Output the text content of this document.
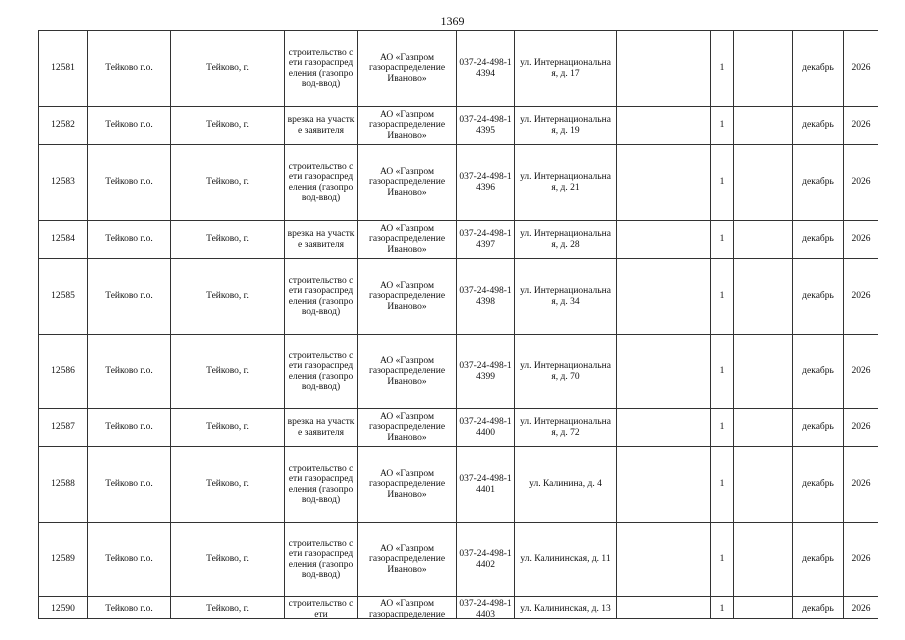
1369
12581	Тейково г.о.	Тейково, г.	строительство сети газораспределения (газопровод-ввод)	АО «Газпром газораспределение Иваново»	037-24-498-14394	ул. Интернациональная, д. 17		1		декабрь	2026
12582	Тейково г.о.	Тейково, г.	врезка на участке заявителя	АО «Газпром газораспределение Иваново»	037-24-498-14395	ул. Интернациональная, д. 19		1		декабрь	2026
12583	Тейково г.о.	Тейково, г.	строительство сети газораспределения (газопровод-ввод)	АО «Газпром газораспределение Иваново»	037-24-498-14396	ул. Интернациональная, д. 21		1		декабрь	2026
12584	Тейково г.о.	Тейково, г.	врезка на участке заявителя	АО «Газпром газораспределение Иваново»	037-24-498-14397	ул. Интернациональная, д. 28		1		декабрь	2026
12585	Тейково г.о.	Тейково, г.	строительство сети газораспределения (газопровод-ввод)	АО «Газпром газораспределение Иваново»	037-24-498-14398	ул. Интернациональная, д. 34		1		декабрь	2026
12586	Тейково г.о.	Тейково, г.	строительство сети газораспределения (газопровод-ввод)	АО «Газпром газораспределение Иваново»	037-24-498-14399	ул. Интернациональная, д. 70		1		декабрь	2026
12587	Тейково г.о.	Тейково, г.	врезка на участке заявителя	АО «Газпром газораспределение Иваново»	037-24-498-14400	ул. Интернациональная, д. 72		1		декабрь	2026
12588	Тейково г.о.	Тейково, г.	строительство сети газораспределения (газопровод-ввод)	АО «Газпром газораспределение Иваново»	037-24-498-14401	ул. Калинина, д. 4		1		декабрь	2026
12589	Тейково г.о.	Тейково, г.	строительство сети газораспределения (газопровод-ввод)	АО «Газпром газораспределение Иваново»	037-24-498-14402	ул. Калининская, д. 11		1		декабрь	2026
12590	Тейково г.о.	Тейково, г.	строительство сети	АО «Газпром газораспределение	037-24-498-14403	ул. Калининская, д. 13		1		декабрь	2026
